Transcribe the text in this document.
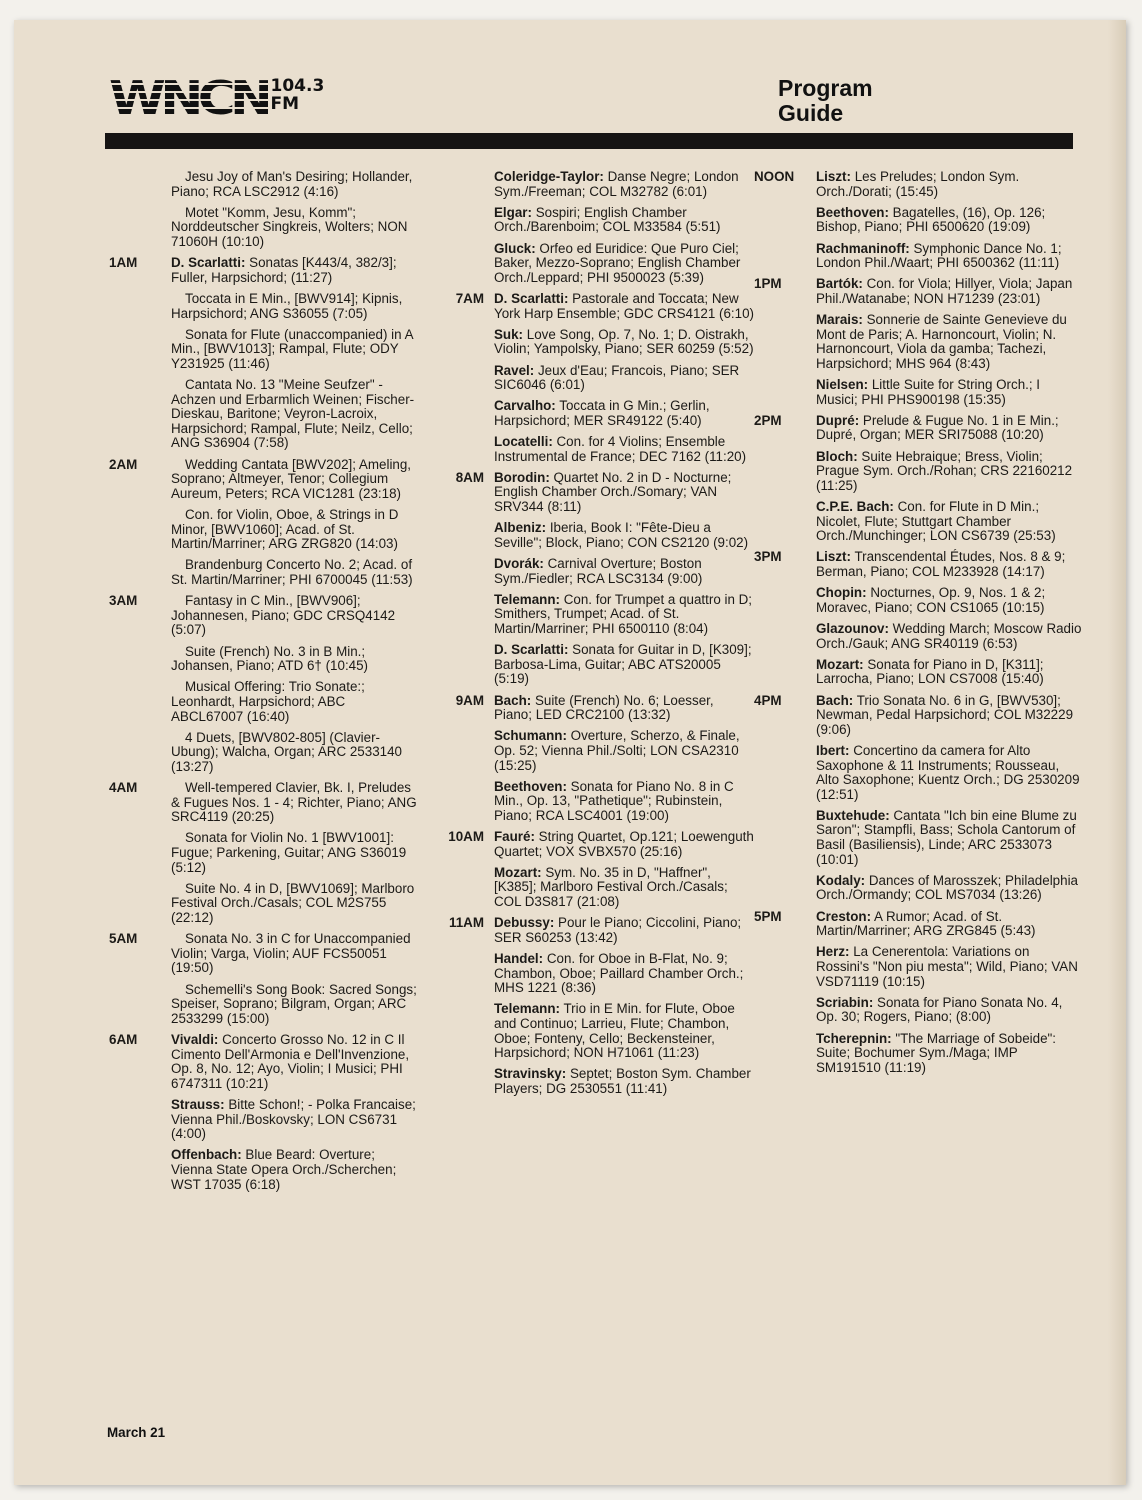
WNCN 104.3
FM
Program
Guide
Jesu Joy of Man's Desiring; Hollander, Piano; RCA LSC2912 (4:16)
Motet "Komm, Jesu, Komm"; Norddeutscher Singkreis, Wolters; NON 71060H (10:10)
1AM	D. Scarlatti: Sonatas [K443/4, 382/3]; Fuller, Harpsichord; (11:27)
Toccata in E Min., [BWV914]; Kipnis, Harpsichord; ANG S36055 (7:05)
Sonata for Flute (unaccompanied) in A Min., [BWV1013]; Rampal, Flute; ODY Y231925 (11:46)
Cantata No. 13 "Meine Seufzer" - Achzen und Erbarmlich Weinen; Fischer-Dieskau, Baritone; Veyron-Lacroix, Harpsichord; Rampal, Flute; Neilz, Cello; ANG S36904 (7:58)
2AM	Wedding Cantata [BWV202]; Ameling, Soprano; Altmeyer, Tenor; Collegium Aureum, Peters; RCA VIC1281 (23:18)
Con. for Violin, Oboe, & Strings in D Minor, [BWV1060]; Acad. of St. Martin/Marriner; ARG ZRG820 (14:03)
Brandenburg Concerto No. 2; Acad. of St. Martin/Marriner; PHI 6700045 (11:53)
3AM	Fantasy in C Min., [BWV906]; Johannesen, Piano; GDC CRSQ4142 (5:07)
Suite (French) No. 3 in B Min.; Johansen, Piano; ATD 6† (10:45)
Musical Offering: Trio Sonate:; Leonhardt, Harpsichord; ABC ABCL67007 (16:40)
4 Duets, [BWV802-805] (Clavier-Ubung); Walcha, Organ; ARC 2533140 (13:27)
4AM	Well-tempered Clavier, Bk. I, Preludes & Fugues Nos. 1 - 4; Richter, Piano; ANG SRC4119 (20:25)
Sonata for Violin No. 1 [BWV1001]: Fugue; Parkening, Guitar; ANG S36019 (5:12)
Suite No. 4 in D, [BWV1069]; Marlboro Festival Orch./Casals; COL M2S755 (22:12)
5AM	Sonata No. 3 in C for Unaccompanied Violin; Varga, Violin; AUF FCS50051 (19:50)
Schemelli's Song Book: Sacred Songs; Speiser, Soprano; Bilgram, Organ; ARC 2533299 (15:00)
6AM	Vivaldi: Concerto Grosso No. 12 in C Il Cimento Dell'Armonia e Dell'Invenzione, Op. 8, No. 12; Ayo, Violin; I Musici; PHI 6747311 (10:21)
Strauss: Bitte Schon!; - Polka Francaise; Vienna Phil./Boskovsky; LON CS6731 (4:00)
Offenbach: Blue Beard: Overture; Vienna State Opera Orch./Scherchen; WST 17035 (6:18)
Coleridge-Taylor: Danse Negre; London Sym./Freeman; COL M32782 (6:01)
Elgar: Sospiri; English Chamber Orch./Barenboim; COL M33584 (5:51)
Gluck: Orfeo ed Euridice: Que Puro Ciel; Baker, Mezzo-Soprano; English Chamber Orch./Leppard; PHI 9500023 (5:39)
7AM D. Scarlatti: Pastorale and Toccata; New York Harp Ensemble; GDC CRS4121 (6:10)
Suk: Love Song, Op. 7, No. 1; D. Oistrakh, Violin; Yampolsky, Piano; SER 60259 (5:52)
Ravel: Jeux d'Eau; Francois, Piano; SER SIC6046 (6:01)
Carvalho: Toccata in G Min.; Gerlin, Harpsichord; MER SR49122 (5:40)
Locatelli: Con. for 4 Violins; Ensemble Instrumental de France; DEC 7162 (11:20)
8AM Borodin: Quartet No. 2 in D - Nocturne; English Chamber Orch./Somary; VAN SRV344 (8:11)
Albeniz: Iberia, Book I: "Fête-Dieu a Seville"; Block, Piano; CON CS2120 (9:02)
Dvorák: Carnival Overture; Boston Sym./Fiedler; RCA LSC3134 (9:00)
Telemann: Con. for Trumpet a quattro in D; Smithers, Trumpet; Acad. of St. Martin/Marriner; PHI 6500110 (8:04)
D. Scarlatti: Sonata for Guitar in D, [K309]; Barbosa-Lima, Guitar; ABC ATS20005 (5:19)
9AM Bach: Suite (French) No. 6; Loesser, Piano; LED CRC2100 (13:32)
Schumann: Overture, Scherzo, & Finale, Op. 52; Vienna Phil./Solti; LON CSA2310 (15:25)
Beethoven: Sonata for Piano No. 8 in C Min., Op. 13, "Pathetique"; Rubinstein, Piano; RCA LSC4001 (19:00)
10AM Fauré: String Quartet, Op.121; Loewenguth Quartet; VOX SVBX570 (25:16)
Mozart: Sym. No. 35 in D, "Haffner", [K385]; Marlboro Festival Orch./Casals; COL D3S817 (21:08)
11AM Debussy: Pour le Piano; Ciccolini, Piano; SER S60253 (13:42)
Handel: Con. for Oboe in B-Flat, No. 9; Chambon, Oboe; Paillard Chamber Orch.; MHS 1221 (8:36)
Telemann: Trio in E Min. for Flute, Oboe and Continuo; Larrieu, Flute; Chambon, Oboe; Fonteny, Cello; Beckensteiner, Harpsichord; NON H71061 (11:23)
Stravinsky: Septet; Boston Sym. Chamber Players; DG 2530551 (11:41)
NOON	Liszt: Les Preludes; London Sym. Orch./Dorati; (15:45)
Beethoven: Bagatelles, (16), Op. 126; Bishop, Piano; PHI 6500620 (19:09)
Rachmaninoff: Symphonic Dance No. 1; London Phil./Waart; PHI 6500362 (11:11)
1PM	Bartók: Con. for Viola; Hillyer, Viola; Japan Phil./Watanabe; NON H71239 (23:01)
Marais: Sonnerie de Sainte Genevieve du Mont de Paris; A. Harnoncourt, Violin; N. Harnoncourt, Viola da gamba; Tachezi, Harpsichord; MHS 964 (8:43)
Nielsen: Little Suite for String Orch.; I Musici; PHI PHS900198 (15:35)
2PM	Dupré: Prelude & Fugue No. 1 in E Min.; Dupré, Organ; MER SRI75088 (10:20)
Bloch: Suite Hebraique; Bress, Violin; Prague Sym. Orch./Rohan; CRS 22160212 (11:25)
C.P.E. Bach: Con. for Flute in D Min.; Nicolet, Flute; Stuttgart Chamber Orch./Munchinger; LON CS6739 (25:53)
3PM	Liszt: Transcendental Études, Nos. 8 & 9; Berman, Piano; COL M233928 (14:17)
Chopin: Nocturnes, Op. 9, Nos. 1 & 2; Moravec, Piano; CON CS1065 (10:15)
Glazounov: Wedding March; Moscow Radio Orch./Gauk; ANG SR40119 (6:53)
Mozart: Sonata for Piano in D, [K311]; Larrocha, Piano; LON CS7008 (15:40)
4PM	Bach: Trio Sonata No. 6 in G, [BWV530]; Newman, Pedal Harpsichord; COL M32229 (9:06)
Ibert: Concertino da camera for Alto Saxophone & 11 Instruments; Rousseau, Alto Saxophone; Kuentz Orch.; DG 2530209 (12:51)
Buxtehude: Cantata "Ich bin eine Blume zu Saron"; Stampfli, Bass; Schola Cantorum of Basil (Basiliensis), Linde; ARC 2533073 (10:01)
Kodaly: Dances of Marosszek; Philadelphia Orch./Ormandy; COL MS7034 (13:26)
5PM	Creston: A Rumor; Acad. of St. Martin/Marriner; ARG ZRG845 (5:43)
Herz: La Cenerentola: Variations on Rossini's "Non piu mesta"; Wild, Piano; VAN VSD71119 (10:15)
Scriabin: Sonata for Piano Sonata No. 4, Op. 30; Rogers, Piano; (8:00)
Tcherepnin: "The Marriage of Sobeide": Suite; Bochumer Sym./Maga; IMP SM191510 (11:19)
March 21
